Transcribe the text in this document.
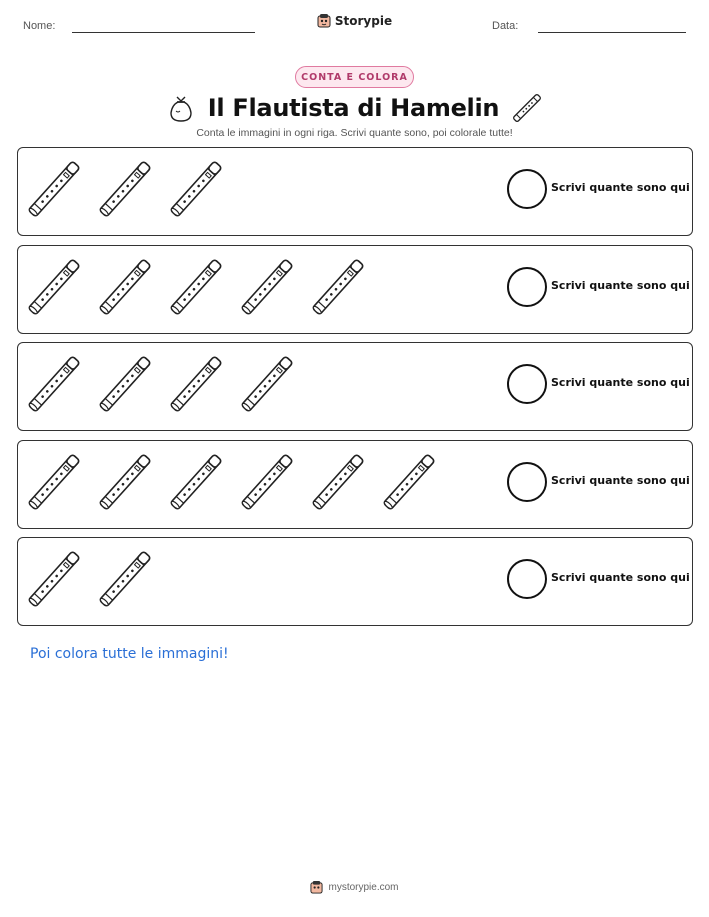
Nome:	Storypie	Data:
CONTA E COLORA
Il Flautista di Hamelin
Conta le immagini in ogni riga. Scrivi quante sono, poi colorale tutte!
Scrivi quante sono qui
Scrivi quante sono qui
Scrivi quante sono qui
Scrivi quante sono qui
Scrivi quante sono qui
Poi colora tutte le immagini!
mystorypie.com
